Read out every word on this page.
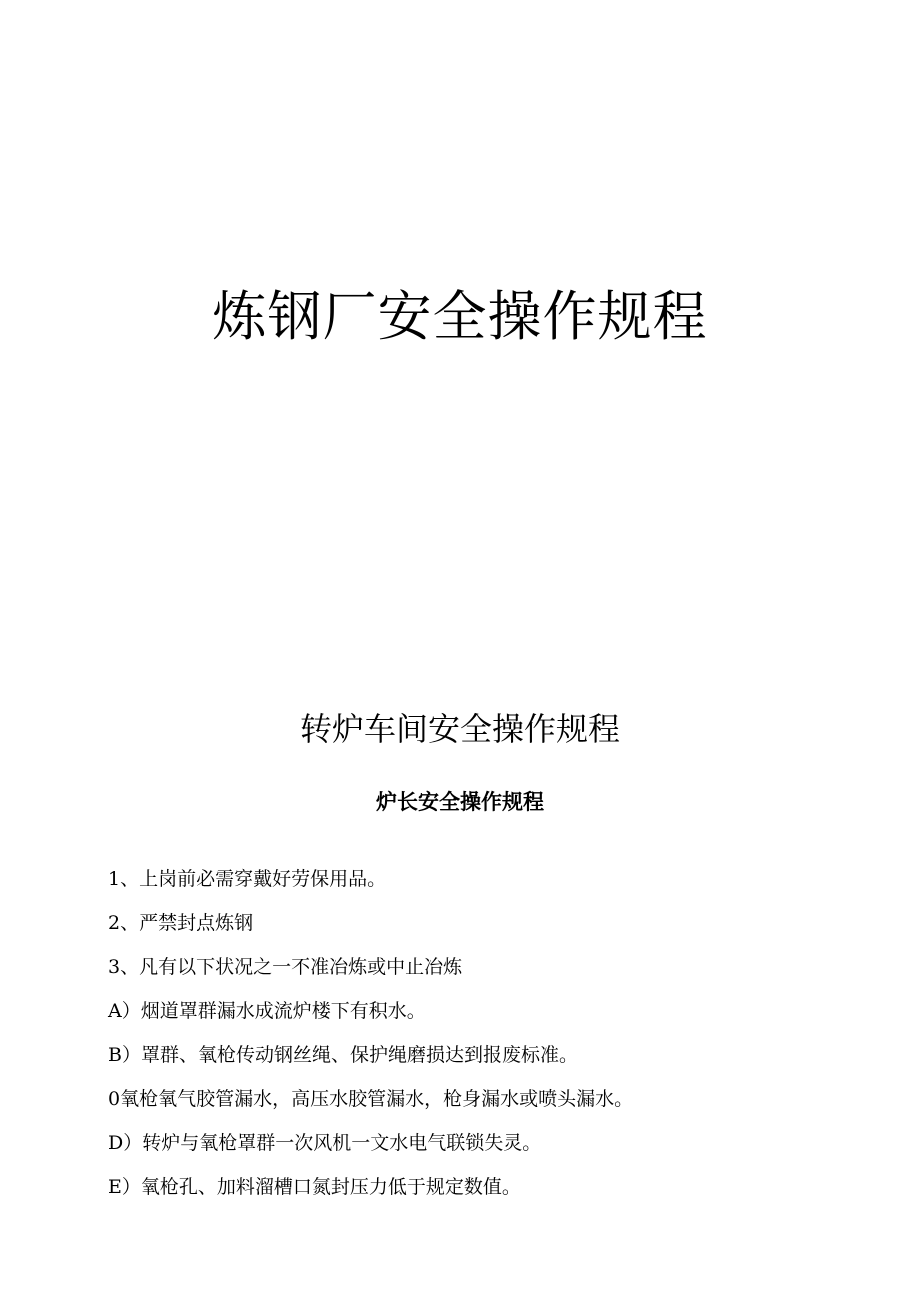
炼钢厂安全操作规程
转炉车间安全操作规程
炉长安全操作规程
1、上岗前必需穿戴好劳保用品。
2、严禁封点炼钢
3、凡有以下状况之一不准冶炼或中止冶炼
A）烟道罩群漏水成流炉楼下有积水。
B）罩群、氧枪传动钢丝绳、保护绳磨损达到报废标准。
0氧枪氧气胶管漏水，高压水胶管漏水，枪身漏水或喷头漏水。
D）转炉与氧枪罩群一次风机一文水电气联锁失灵。
E）氧枪孔、加料溜槽口氮封压力低于规定数值。
